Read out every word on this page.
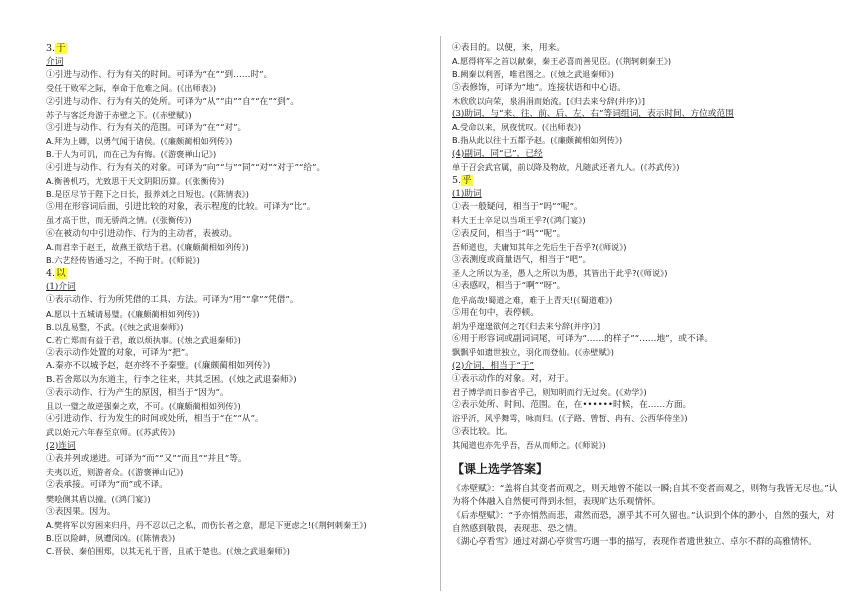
3.于
介词
①引进与动作、行为有关的时间。可译为“在”“到……时”。
受任于败军之际，奉命于危难之间。(《出师表》)
②引进与动作、行为有关的处所。可译为“从”“由”“自”“在”“到”。
苏子与客泛舟游于赤壁之下。(《赤壁赋》)
③引进与动作、行为有关的范围。可译为“在”“对”。
A.拜为上卿，以勇气闻于诸侯。(《廉颇蔺相如列传》)
B.于人为可讥，而在己为有悔。(《游褒禅山记》)
④引进与动作、行为有关的对象。可译为“向”“与”“同”“对”“对于”“给”。
A.衡善机巧，尤致思于天文阴阳历算。(《张衡传》)
B.是臣尽节于陛下之日长，报养刘之日短也。(《陈情表》)
⑤用在形容词后面，引进比较的对象，表示程度的比较。可译为“比”。
虽才高于世，而无骄尚之情。(《张衡传》)
⑥在被动句中引进动作、行为的主动者，表被动。
A.而君幸于赵王，故燕王欲结于君。(《廉颇蔺相如列传》)
B.六艺经传皆通习之，不拘于时。(《师说》)
4.以
(1)介词
①表示动作、行为所凭借的工具、方法。可译为“用”“拿”“凭借”。
A.愿以十五城请易璧。(《廉颇蔺相如列传》)
B.以乱易整，不武。(《烛之武退秦师》)
C.若亡郑而有益于君，敢以烦执事。(《烛之武退秦师》)
②表示动作处置的对象，可译为“把”。
A.秦亦不以城予赵，赵亦终不予秦璧。(《廉颇蔺相如列传》)
B.若舍郑以为东道主，行李之往来，共其乏困。(《烛之武退秦师》)
③表示动作、行为产生的原因，相当于“因为”。
且以一璧之故逆强秦之欢，不可。(《廉颇蔺相如列传》)
④引进动作、行为发生的时间或处所，相当于“在”“从”。
武以始元六年春至京师。(《苏武传》)
(2)连词
①表并列或递进。可译为“而”“又”“而且”“并且”等。
夫夷以近，则游者众。(《游褒禅山记》)
②表承接。可译为“而”或不译。
樊哙侧其盾以撞。(《鸿门宴》)
③表因果。因为。
A.樊将军以穷困来归丹，丹不忍以己之私，而伤长者之意，愿足下更虑之!(《荆轲刺秦王》)
B.臣以险衅，夙遭闵凶。(《陈情表》)
C.晋侯、秦伯围郑，以其无礼于晋，且贰于楚也。(《烛之武退秦师》)
④表目的。以便，来，用来。
A.愿得将军之首以献秦，秦王必喜而善见臣。(《荆轲刺秦王》)
B.阙秦以利晋，唯君图之。(《烛之武退秦师》)
⑤表修饰，可译为“地”。连接状语和中心语。
木欣欣以向荣，泉涓涓而始流。[《归去来兮辞(并序)》]
(3)助词，与“来、往、前、后、左、右”等词组词，表示时间、方位或范围
A.受命以来，夙夜忧叹。(《出师表》)
B.指从此以往十五都予赵。(《廉颇蔺相如列传》)
(4)副词，同“已”，已经
单于召会武官属，前以降及物故，凡随武还者九人。(《苏武传》)
5.乎
(1)助词
①表一般疑问，相当于“吗”“呢”。
料大王士卒足以当项王乎?(《鸿门宴》)
②表反问，相当于“吗”“呢”。
吾师道也，夫庸知其年之先后生于吾乎?(《师说》)
③表测度或商量语气，相当于“吧”。
圣人之所以为圣，愚人之所以为愚，其皆出于此乎?(《师说》)
④表感叹，相当于“啊”“呀”。
危乎高哉!蜀道之难，难于上青天!(《蜀道难》)
⑤用在句中，表停顿。
胡为乎遑遑欲何之?[《归去来兮辞(并序)》]
⑥用于形容词或副词词尾，可译为“……的样子”“……地”，或不译。
飘飘乎如遗世独立，羽化而登仙。(《赤壁赋》)
(2)介词，相当于“于”
①表示动作的对象。对，对于。
君子博学而日参省乎己，则知明而行无过矣。(《劝学》)
②表示处所、时间、范围。在，在••••••时候，在……方面。
浴乎沂，风乎舞雩，咏而归。(《子路、曾皙、冉有、公西华侍坐》)
③表比较。比。
其闻道也亦先乎吾，吾从而师之。(《师说》)
【课上选学答案】
《赤壁赋》：“盖将自其变者而观之，则天地曾不能以一瞬;自其不变者而观之，则物与我皆无尽也。”认为将个体融入自然便可得到永恒，表现旷达乐观情怀。
《后赤壁赋》：“予亦悄然而悲，肃然而恐，凛乎其不可久留也。”认识到个体的渺小，自然的强大，对自然感到敬畏，表现悲、恐之情。
《湖心亭看雪》通过对湖心亭赏雪巧遇一事的描写，表现作者遗世独立、卓尔不群的高雅情怀。
